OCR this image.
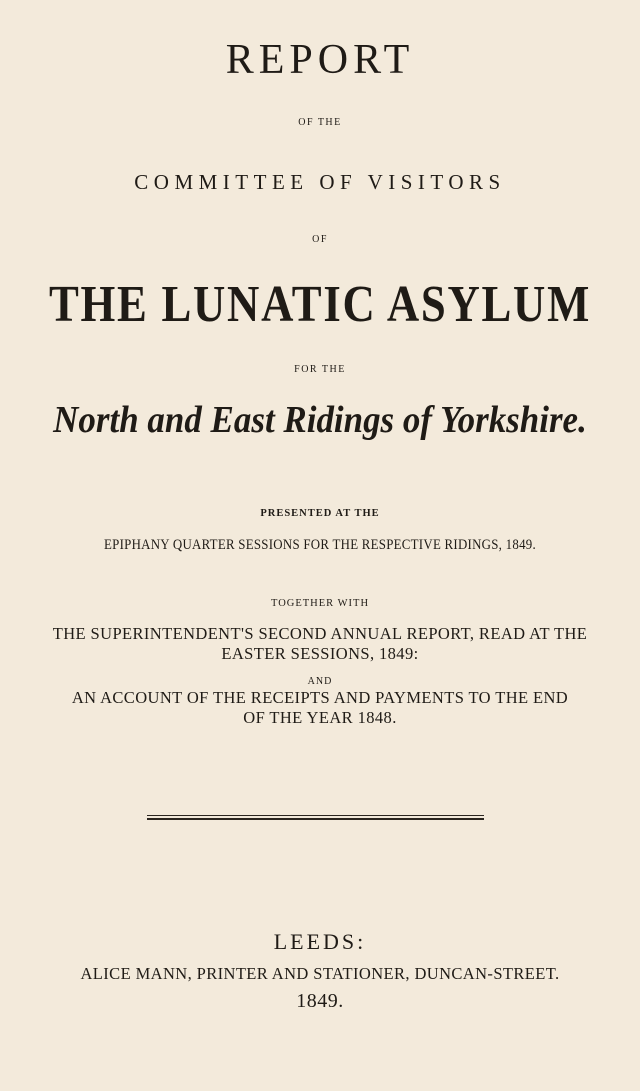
REPORT
OF THE
COMMITTEE OF VISITORS
OF
THE LUNATIC ASYLUM
FOR THE
North and East Ridings of Yorkshire.
PRESENTED AT THE
EPIPHANY QUARTER SESSIONS FOR THE RESPECTIVE RIDINGS, 1849.
TOGETHER WITH
THE SUPERINTENDENT'S SECOND ANNUAL REPORT, READ AT THE
EASTER SESSIONS, 1849:
AND
AN ACCOUNT OF THE RECEIPTS AND PAYMENTS TO THE END
OF THE YEAR 1848.
LEEDS:
ALICE MANN, PRINTER AND STATIONER, DUNCAN-STREET.
1849.
